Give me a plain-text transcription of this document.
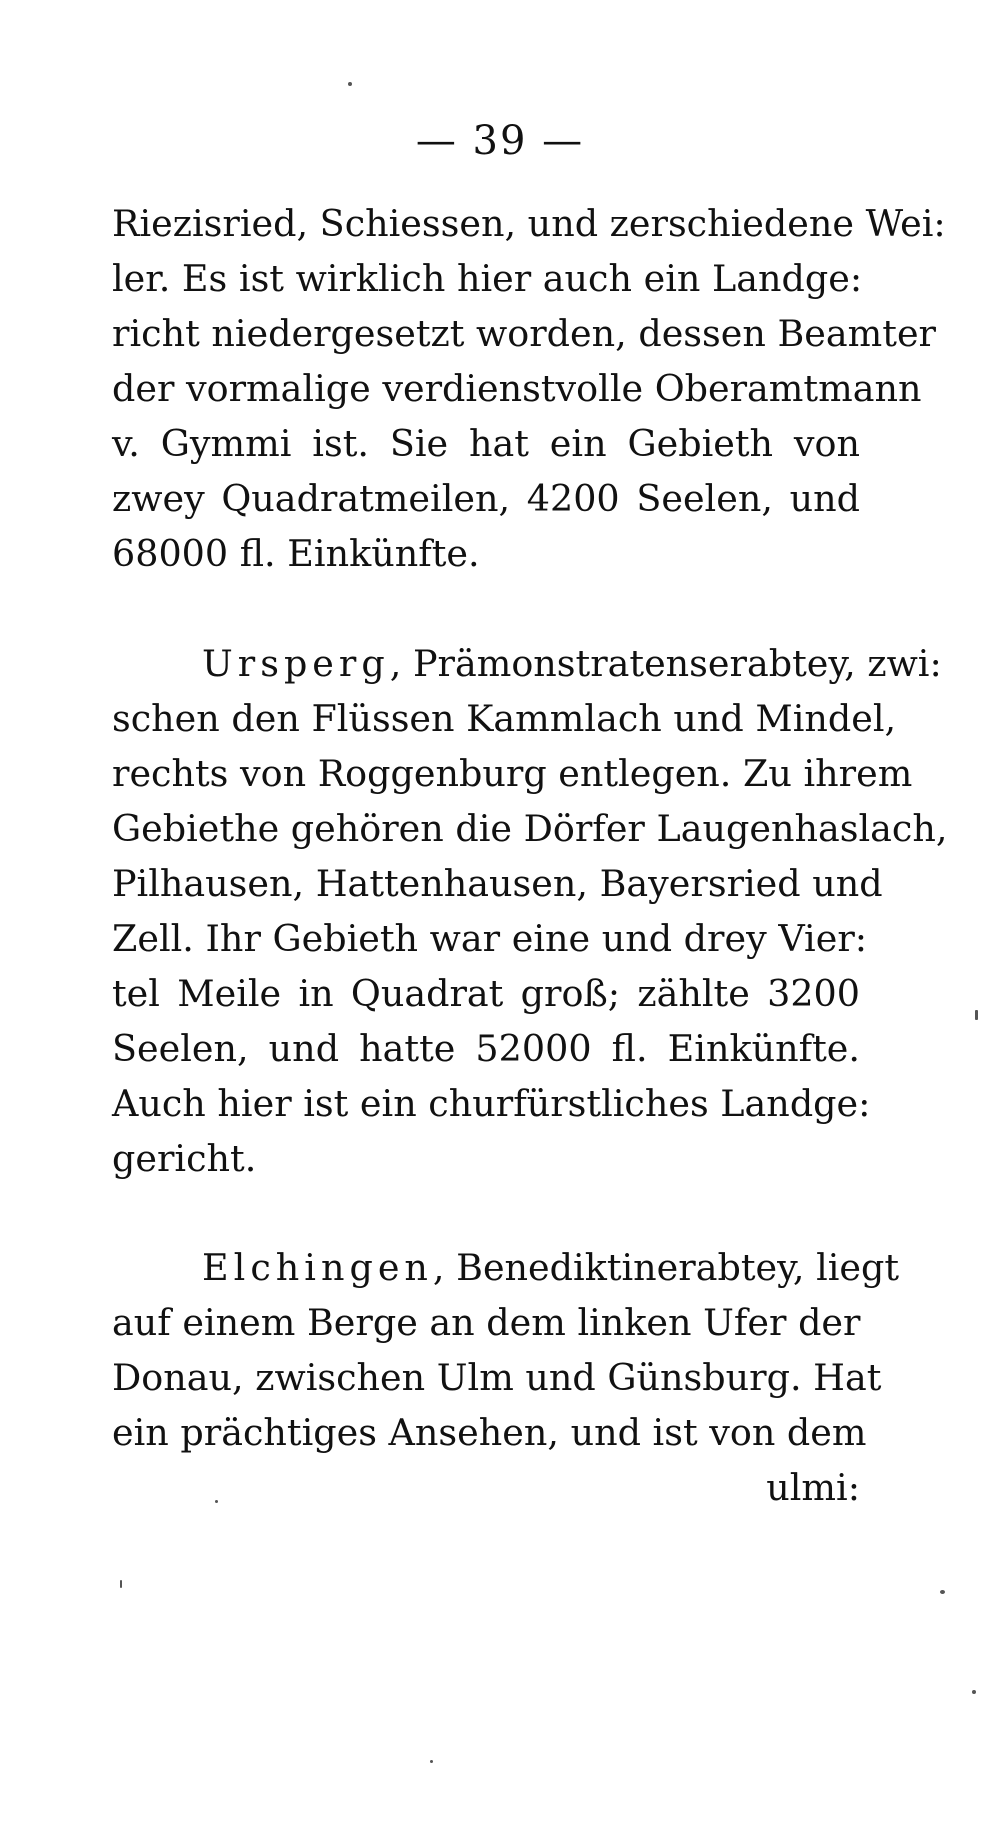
— 39 —
Riezisried, Schiessen, und zerschiedene Wei:
ler. Es ist wirklich hier auch ein Landge:
richt niedergesetzt worden, dessen Beamter
der vormalige verdienstvolle Oberamtmann
v. Gymmi ist. Sie hat ein Gebieth von
zwey Quadratmeilen, 4200 Seelen, und
68000 fl. Einkünfte.
Ursperg, Prämonstratenserabtey, zwi:
schen den Flüssen Kammlach und Mindel,
rechts von Roggenburg entlegen. Zu ihrem
Gebiethe gehören die Dörfer Laugenhaslach,
Pilhausen, Hattenhausen, Bayersried und
Zell. Ihr Gebieth war eine und drey Vier:
tel Meile in Quadrat groß; zählte 3200
Seelen, und hatte 52000 fl. Einkünfte.
Auch hier ist ein churfürstliches Landge:
gericht.
Elchingen, Benediktinerabtey, liegt
auf einem Berge an dem linken Ufer der
Donau, zwischen Ulm und Günsburg. Hat
ein prächtiges Ansehen, und ist von dem
ulmi:
